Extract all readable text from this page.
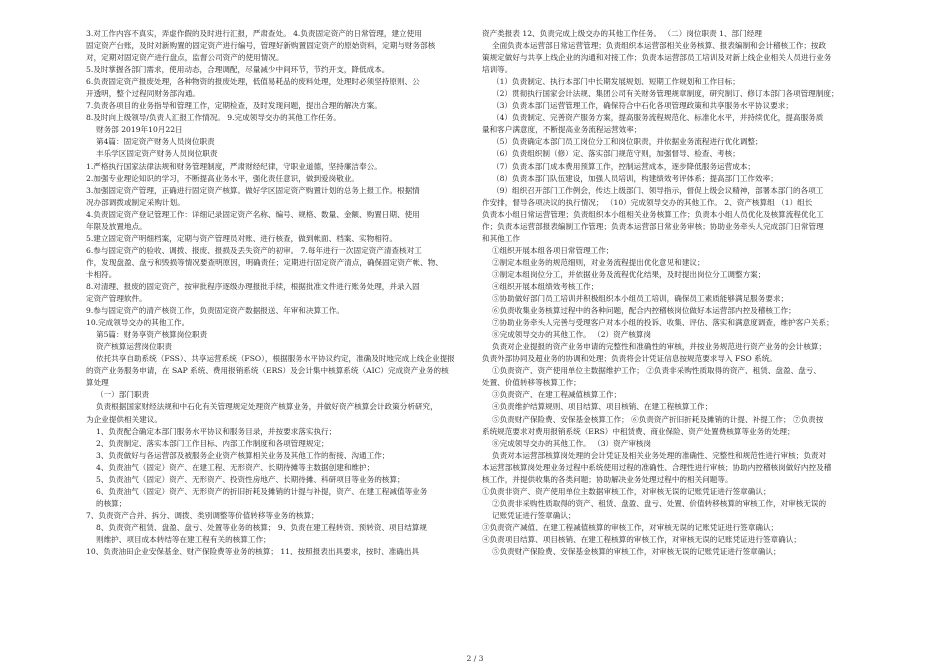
3.对工作内容不真实，弄虚作假的及时进行汇报，严肃查处。 4.负责固定资产的日常管理，建立使用
固定资产台账，及时对新购置的固定资产进行编号，管理好新购置固定资产的原始资料，定期与财务部核
对，定期对固定资产进行盘点，监督公司资产的使用情况。
5.及时掌握各部门需求，使用动态，合理调配，尽量减少中间环节，节约开支，降低成本。
6.负责固定资产报废处理，各种物资的报废处理，低值易耗品的废料处理，处理时必须坚持原则、公
开透明，整个过程同财务部沟通。
7.负责各项目的业务指导和管理工作，定期检查，及时发现问题，提出合理的解决方案。
8.及时向上级领导/负责人汇报工作情况。 9.完成领导交办的其他工作任务。
财务部 2019年10月22日
第4篇：固定资产财务人员岗位职责
丰乐学区固定资产财务人员岗位职责
1.严格执行国家法律法规和财务管理制度，严肃财经纪律，守职业道德，坚持廉洁奉公。
2.加强专业理论知识的学习，不断提高业务水平，强化责任意识，做到爱岗敬业。
3.加强固定资产管理，正确进行固定资产核算。做好学区固定资产购置计划的总务上报工作。根据情
况办部调拨或制定采购计划。
4.负责固定资产登记管理工作：详细记录固定资产名称、编号、规格、数量、金额、购置日期、使用
年限及放置地点。
5.建立固定资产明细档案，定期与资产管理员对账、进行核查，做到帐面、档案、实物相符。
6.参与固定资产的验收、调拨、报废、报损及丢失资产的初审。 7.每年进行一次固定资产清查核对工
作，发现盘盈、盘亏和毁损等情况要查明原因，明确责任；定期进行固定资产清点，确保固定资产帐、物、
卡相符。
8.对清理、报废的固定资产，按审批程序逐级办理报批手续，根据批准文件进行账务处理，并录入固
定资产管理软件。
9.参与固定资产的清产核资工作，负责固定资产数据报送、年审和决算工作。
10.完成领导交办的其他工作。
第5篇：财务享资产核算岗位职责
资产核算运营岗位职责
依托共享自助系统（FSS）、共享运营系统（FSO），根据服务水平协议约定，准确及时地完成上线企业提报
的资产业务服务申请，在 SAP 系统、费用报销系统（ERS）及会计集中核算系统（AIC）完成资产业务的核
算处理
（一）部门职责
负责根据国家财经法规和中石化有关管理规定处理资产核算业务，并做好资产核算会计政策分析研究，
为企业提供相关建议。
1、负责配合确定本部门服务水平协议和服务目录，并按要求落实执行；
2、负责制定、落实本部门工作目标、内部工作制度和各项管理规定；
3、负责做好与各运营部及被服务企业资产核算相关业务及其他工作的衔接、沟通工作；
4、负责油气（固定）资产、在建工程、无形资产、长期待摊等主数据创建和维护；
5、负责油气（固定）资产、无形资产、投资性房地产、长期待摊、科研项目等业务的核算；
6、负责油气（固定）资产、无形资产的折旧折耗及摊销的计提与补提，资产、在建工程减值等业务
的核算；
7、负责资产合并、拆分、调拨、类别调整等价值转移等业务的核算；
8、负责资产租赁、盘盈、盘亏、处置等业务的核算； 9、负责在建工程转资、预转资、项目结算规
则维护、项目成本转结等在建工程有关的核算工作；
10、负责油田企业安保基金、财产保险费等业务的核算； 11、按照报表出具要求，按时、准确出具
资产类报表 12、负责完成上级交办的其他工作任务。 （二）岗位职责 1、部门经理
全面负责本运营部日常运营管理；负责组织本运营部相关业务核算、报表编制和会计稽核工作；按政
策规定做好与共享上线企业的沟通和对接工作；负责本运营部员工培训及对新上线企业相关人员进行业务
培训等。
（1）负责制定、执行本部门中长期发展规划、短期工作规划和工作目标；
（2）贯彻执行国家会计法规、集团公司有关财务管理规章制度，研究制订、修订本部门各项管理制度；
（3）负责本部门运营管理工作，确保符合中石化各项管理政策和共享服务水平协议要求；
（4）负责制定、完善资产服务方案，提高服务流程规范化、标准化水平，并持续优化，提高服务质
量和客户满意度，不断提高业务流程运营效率；
（5）负责确定本部门员工岗位分工和岗位职责，并依据业务流程进行优化调整；
（6）负责组织制（修）定、落实部门规范守则，加强督导、检查、考核；
（7）负责本部门成本费用预算工作，控制运营成本，逐步降低服务运营成本；
（8）负责本部门队伍建设，加强人员培训，构建绩效考评体系；提高部门工作效率；
（9）组织召开部门工作例会，传达上级部门、领导指示，督促上级会议精神，部署本部门的各项工
作安排，督导各项决议的执行情况； （10）完成领导交办的其他工作。 2、资产核算组 （1）组长
负责本小组日常运营管理；负责组织本小组相关业务核算工作；负责本小组人员优化及核算流程优化工
作；负责本运营部报表编制工作管理；负责本运营部日常业务审核；协助业务牵头人完成部门日常管理
和其他工作
①组织开展本组各项日常管理工作；
②制定本组业务的规范细则，对业务流程提出优化意见和建议；
③制定本组岗位分工，并依据业务及流程优化结果，及时提出岗位分工调整方案；
④组织开展本组绩效考核工作；
⑤协助做好部门员工培训并积极组织本小组员工培训，确保员工素质能够满足服务要求；
⑥负责收集业务核算过程中的各种问题，配合内控稽核岗位做好本运营部内控及稽核工作；
⑦协助业务牵头人完善与受理客户对本小组的投诉、收集、评估、落实和满意度调查，维护客户关系；
⑧完成领导交办的其他工作。 （2）资产核算岗
负责对企业提报的资产业务申请的完整性和准确性的审核，并按业务规范进行资产业务的会计核算；
负责外部协同及超业务的协调和处理；负责将会计凭证信息按规范要求导入 FSO 系统。
①负责资产、资产使用单位主数据维护工作； ②负责非采购性质取得的资产、租赁、盘盈、盘亏、
处置、价值转移等核算工作；
③负责资产、在建工程减值核算工作；
④负责维护结算规则、项目结算、项目核销、在建工程核算工作；
⑤负责财产保险费、安保基金核算工作； ⑥负责资产折旧折耗及摊销的计提、补提工作； ⑦负责按
系统规范要求对费用报销系统（ERS）中租赁费、商业保险、资产处置费核算等业务的处理；
⑧完成领导交办的其他工作。 （3）资产审核岗
负责对本运营部核算岗处理的会计凭证及相关业务处理的准确性、完整性和规范性进行审核；负责对
本运营部核算岗处理业务过程中系统使用过程的准确性、合理性进行审核；协助内控稽核岗做好内控及稽
核工作，并提供收集的各类问题；协助解决业务处理过程中的相关问题等。
①负责非资产、资产使用单位主数据审核工作，对审核无误的记账凭证进行签章确认；
②负责非采购性质取得的资产、租赁、盘盈、盘亏、处置、价值转移核算的审核工作，对审核无误的
记账凭证进行签章确认；
③负责资产减值、在建工程减值核算的审核工作，对审核无误的记账凭证进行签章确认；
④负责项目结算、项目核销、在建工程核算的审核工作，对审核无误的记账凭证进行签章确认；
⑤负责财产保险费、安保基金核算的审核工作，对审核无误的记账凭证进行签章确认；
2 / 3
